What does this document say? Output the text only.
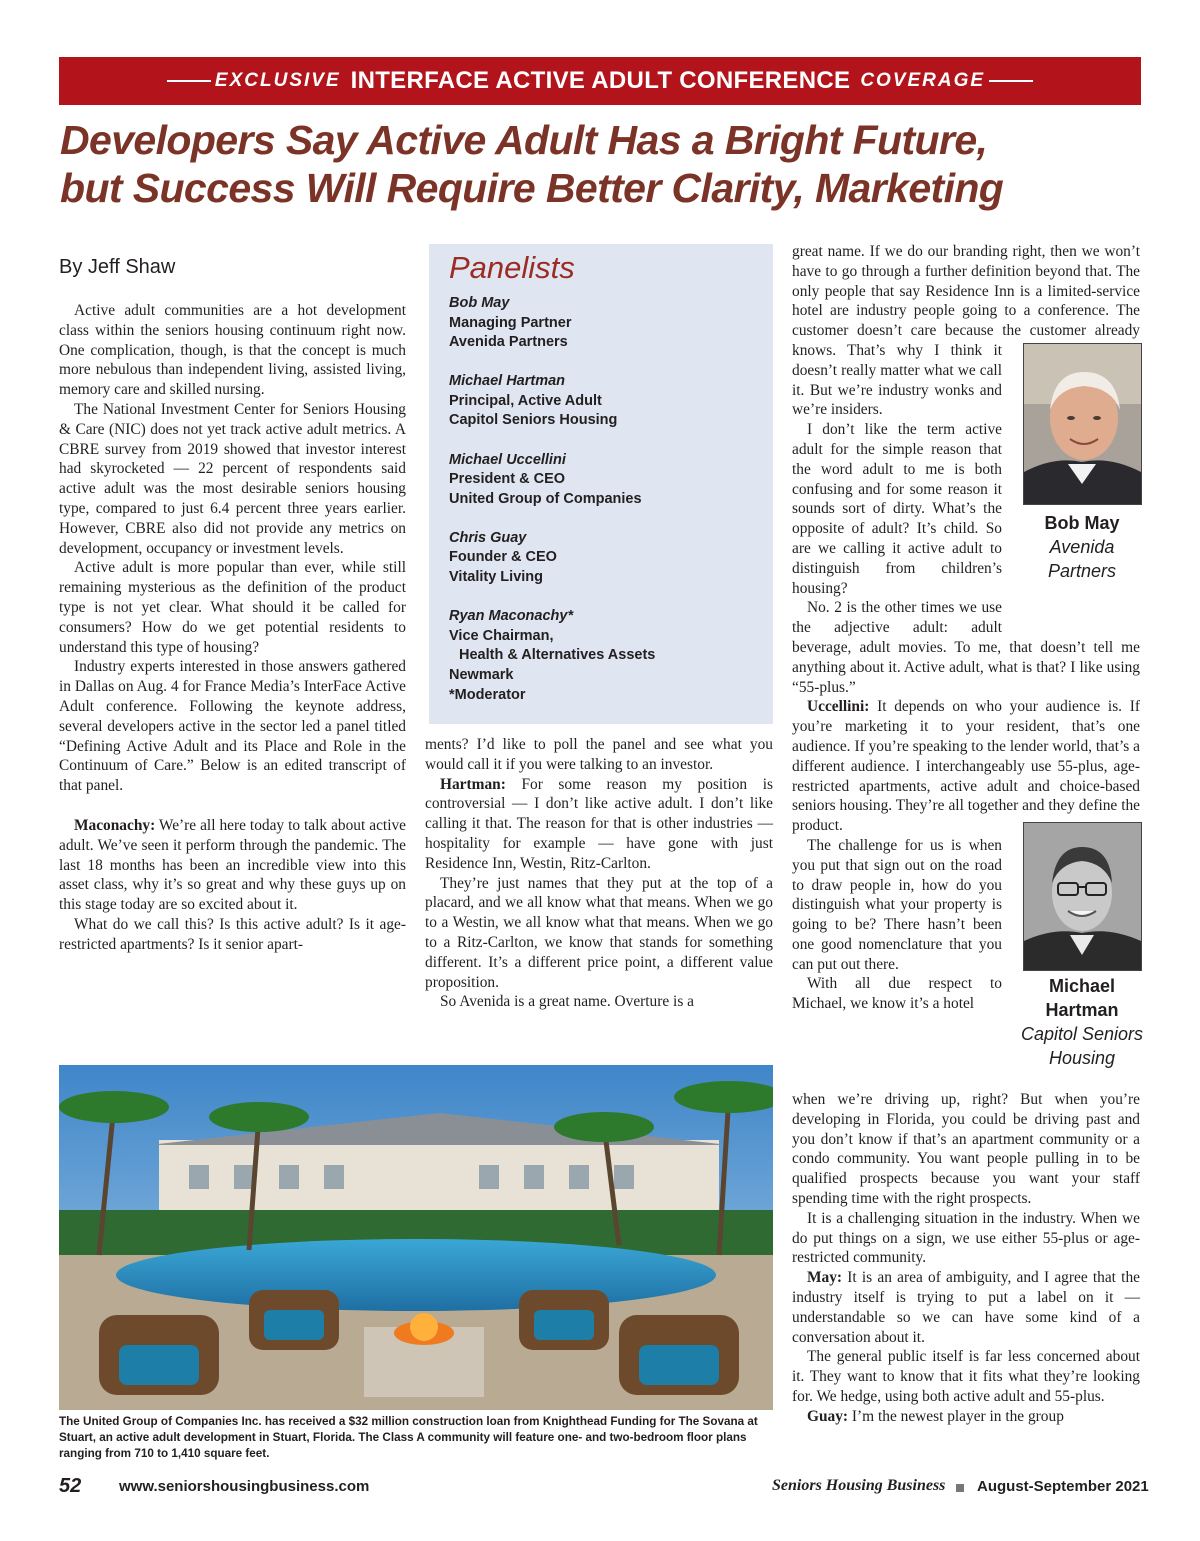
EXCLUSIVE INTERFACE ACTIVE ADULT CONFERENCE COVERAGE
Developers Say Active Adult Has a Bright Future,
but Success Will Require Better Clarity, Marketing
By Jeff Shaw

Active adult communities are a hot development class within the seniors housing continuum right now. One complication, though, is that the concept is much more nebulous than independent living, assisted living, memory care and skilled nursing.

The National Investment Center for Seniors Housing & Care (NIC) does not yet track active adult metrics. A CBRE survey from 2019 showed that investor interest had skyrocketed — 22 percent of respondents said active adult was the most desirable seniors housing type, compared to just 6.4 percent three years earlier. However, CBRE also did not provide any metrics on development, occupancy or investment levels.

Active adult is more popular than ever, while still remaining mysterious as the definition of the product type is not yet clear. What should it be called for consumers? How do we get potential residents to understand this type of housing?

Industry experts interested in those answers gathered in Dallas on Aug. 4 for France Media’s InterFace Active Adult conference. Following the keynote address, several developers active in the sector led a panel titled “Defining Active Adult and its Place and Role in the Continuum of Care.” Below is an edited transcript of that panel.

Maconachy: We’re all here today to talk about active adult. We’ve seen it perform through the pandemic. The last 18 months has been an incredible view into this asset class, why it’s so great and why these guys up on this stage today are so excited about it.

What do we call this? Is this active adult? Is it age-restricted apartments? Is it senior apart-

Panelists
Bob May
Managing Partner
Avenida Partners
Michael Hartman
Principal, Active Adult
Capitol Seniors Housing
Michael Uccellini
President & CEO
United Group of Companies
Chris Guay
Founder & CEO
Vitality Living
Ryan Maconachy*
Vice Chairman,
Health & Alternatives Assets
Newmark
*Moderator

ments? I’d like to poll the panel and see what you would call it if you were talking to an investor.

Hartman: For some reason my position is controversial — I don’t like active adult. I don’t like calling it that. The reason for that is other industries — hospitality for example — have gone with just Residence Inn, Westin, Ritz-Carlton.

They’re just names that they put at the top of a placard, and we all know what that means. When we go to a Westin, we all know what that means. When we go to a Ritz-Carlton, we know that stands for something different. It’s a different price point, a different value proposition.

So Avenida is a great name. Overture is a

great name. If we do our branding right, then we won’t have to go through a further definition beyond that. The only people that say Residence Inn is a limited-service hotel are industry people going to a conference. The customer doesn’t care because the customer already knows. That’s why I think it doesn’t really matter what we call it. But we’re industry wonks and we’re insiders.

I don’t like the term active adult for the simple reason that the word adult to me is both confusing and for some reason it sounds sort of dirty. What’s the opposite of adult? It’s child. So are we calling it active adult to distinguish from children’s housing?

No. 2 is the other times we use the adjective adult: adult beverage, adult movies. To me, that doesn’t tell me anything about it. Active adult, what is that? I like using “55-plus.”

Uccellini: It depends on who your audience is. If you’re marketing it to your resident, that’s one audience. If you’re speaking to the lender world, that’s a different audience. I interchangeably use 55-plus, age-restricted apartments, active adult and choice-based seniors housing. They’re all together and they define the product.

The challenge for us is when you put that sign out on the road to draw people in, how do you distinguish what your property is going to be? There hasn’t been one good nomenclature that you can put out there.

With all due respect to Michael, we know it’s a hotel

Bob May
Avenida
Partners
Michael
Hartman
Capitol Seniors
Housing

when we’re driving up, right? But when you’re developing in Florida, you could be driving past and you don’t know if that’s an apartment community or a condo community. You want people pulling in to be qualified prospects because you want your staff spending time with the right prospects.

It is a challenging situation in the industry. When we do put things on a sign, we use either 55-plus or age-restricted community.

May: It is an area of ambiguity, and I agree that the industry itself is trying to put a label on it — understandable so we can have some kind of a conversation about it.

The general public itself is far less concerned about it. They want to know that it fits what they’re looking for. We hedge, using both active adult and 55-plus.

Guay: I’m the newest player in the group

The United Group of Companies Inc. has received a $32 million construction loan from Knighthead Funding for The Sovana at Stuart, an active adult development in Stuart, Florida. The Class A community will feature one- and two-bedroom floor plans ranging from 710 to 1,410 square feet.

52	www.seniorshousingbusiness.com	Seniors Housing Business August-September 2021
